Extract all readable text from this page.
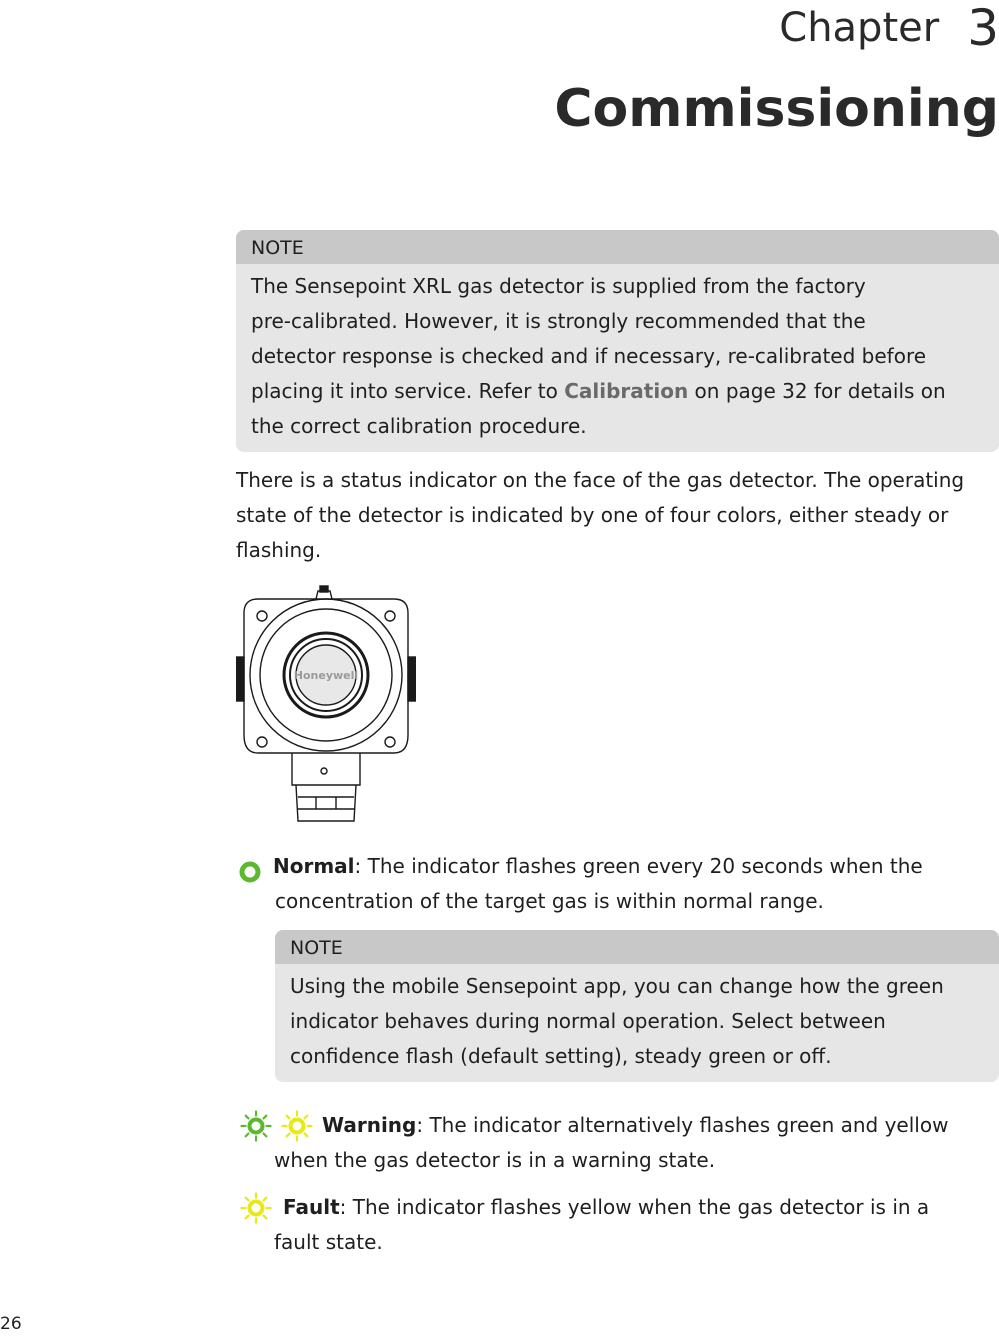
Chapter 3
Commissioning
NOTE
The Sensepoint XRL gas detector is supplied from the factory
pre-calibrated. However, it is strongly recommended that the
detector response is checked and if necessary, re-calibrated before
placing it into service. Refer to Calibration on page 32 for details on
the correct calibration procedure.
There is a status indicator on the face of the gas detector. The operating
state of the detector is indicated by one of four colors, either steady or
flashing.
Honeywell
Normal: The indicator flashes green every 20 seconds when the
concentration of the target gas is within normal range.
NOTE
Using the mobile Sensepoint app, you can change how the green
indicator behaves during normal operation. Select between
confidence flash (default setting), steady green or off.
Warning: The indicator alternatively flashes green and yellow
when the gas detector is in a warning state.
Fault: The indicator flashes yellow when the gas detector is in a
fault state.
26
